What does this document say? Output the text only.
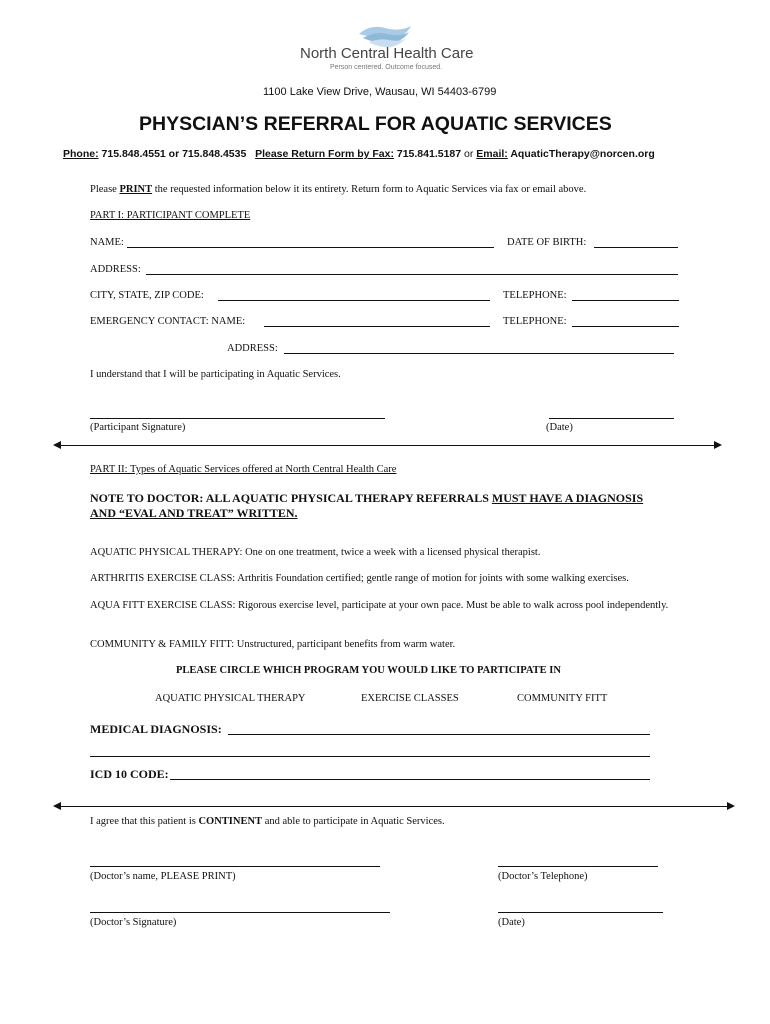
North Central Health Care
Person centered. Outcome focused.
1100 Lake View Drive, Wausau, WI 54403-6799
PHYSCIAN’S REFERRAL FOR AQUATIC SERVICES
Phone: 715.848.4551 or 715.848.4535 Please Return Form by Fax: 715.841.5187 or Email: AquaticTherapy@norcen.org
Please PRINT the requested information below it its entirety. Return form to Aquatic Services via fax or email above.
PART I: PARTICIPANT COMPLETE
NAME:	DATE OF BIRTH:
ADDRESS:
CITY, STATE, ZIP CODE:	TELEPHONE:
EMERGENCY CONTACT: NAME:	TELEPHONE:
ADDRESS:
I understand that I will be participating in Aquatic Services.
(Participant Signature)	(Date)
PART II: Types of Aquatic Services offered at North Central Health Care
NOTE TO DOCTOR: ALL AQUATIC PHYSICAL THERAPY REFERRALS MUST HAVE A DIAGNOSIS
AND “EVAL AND TREAT” WRITTEN.
AQUATIC PHYSICAL THERAPY: One on one treatment, twice a week with a licensed physical therapist.
ARTHRITIS EXERCISE CLASS: Arthritis Foundation certified; gentle range of motion for joints with some walking exercises.
AQUA FITT EXERCISE CLASS: Rigorous exercise level, participate at your own pace. Must be able to walk across pool independently.
COMMUNITY & FAMILY FITT: Unstructured, participant benefits from warm water.
PLEASE CIRCLE WHICH PROGRAM YOU WOULD LIKE TO PARTICIPATE IN
AQUATIC PHYSICAL THERAPY	EXERCISE CLASSES	COMMUNITY FITT
MEDICAL DIAGNOSIS:
ICD 10 CODE:
I agree that this patient is CONTINENT and able to participate in Aquatic Services.
(Doctor’s name, PLEASE PRINT)	(Doctor’s Telephone)
(Doctor’s Signature)	(Date)
